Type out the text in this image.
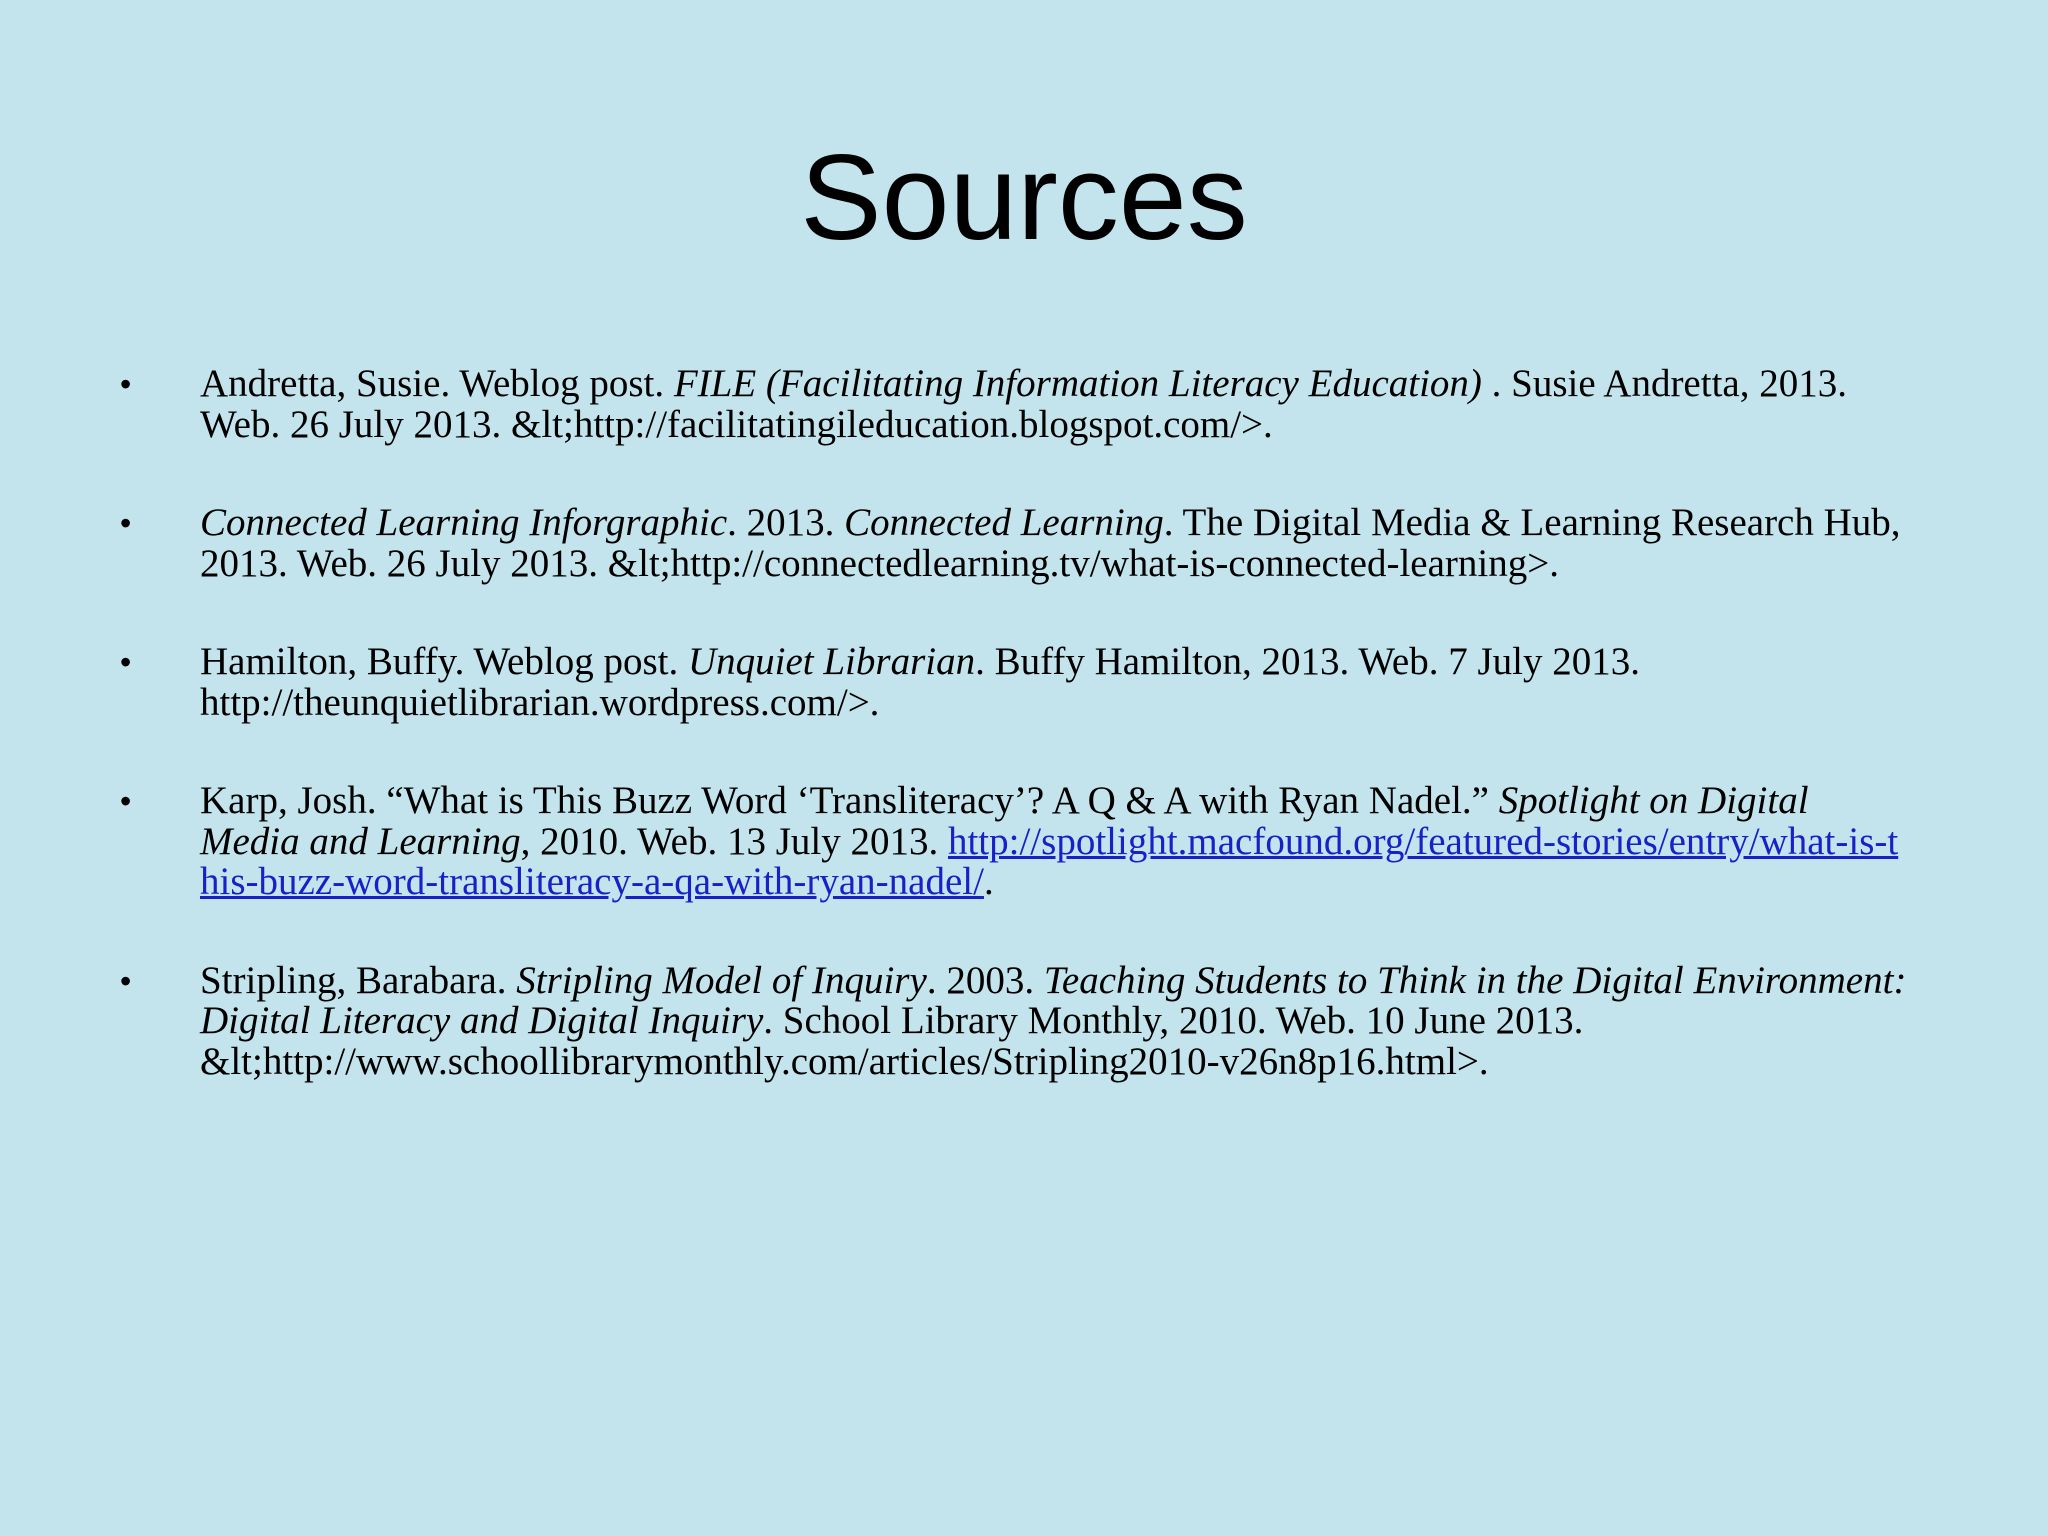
Sources
• Andretta, Susie. Weblog post. FILE (Facilitating Information Literacy Education) . Susie Andretta, 2013. Web. 26 July 2013. &lt;http://facilitatingileducation.blogspot.com/>.
• Connected Learning Inforgraphic. 2013. Connected Learning. The Digital Media & Learning Research Hub, 2013. Web. 26 July 2013. &lt;http://connectedlearning.tv/what-is-connected-learning>.
• Hamilton, Buffy. Weblog post. Unquiet Librarian. Buffy Hamilton, 2013. Web. 7 July 2013. http://theunquietlibrarian.wordpress.com/>.
• Karp, Josh. “What is This Buzz Word ‘Transliteracy’? A Q & A with Ryan Nadel.” Spotlight on Digital Media and Learning, 2010. Web. 13 July 2013. http://spotlight.macfound.org/featured-stories/entry/what-is-this-buzz-word-transliteracy-a-qa-with-ryan-nadel/.
• Stripling, Barabara. Stripling Model of Inquiry. 2003. Teaching Students to Think in the Digital Environment: Digital Literacy and Digital Inquiry. School Library Monthly, 2010. Web. 10 June 2013. &lt;http://www.schoollibrarymonthly.com/articles/Stripling2010-v26n8p16.html>.
